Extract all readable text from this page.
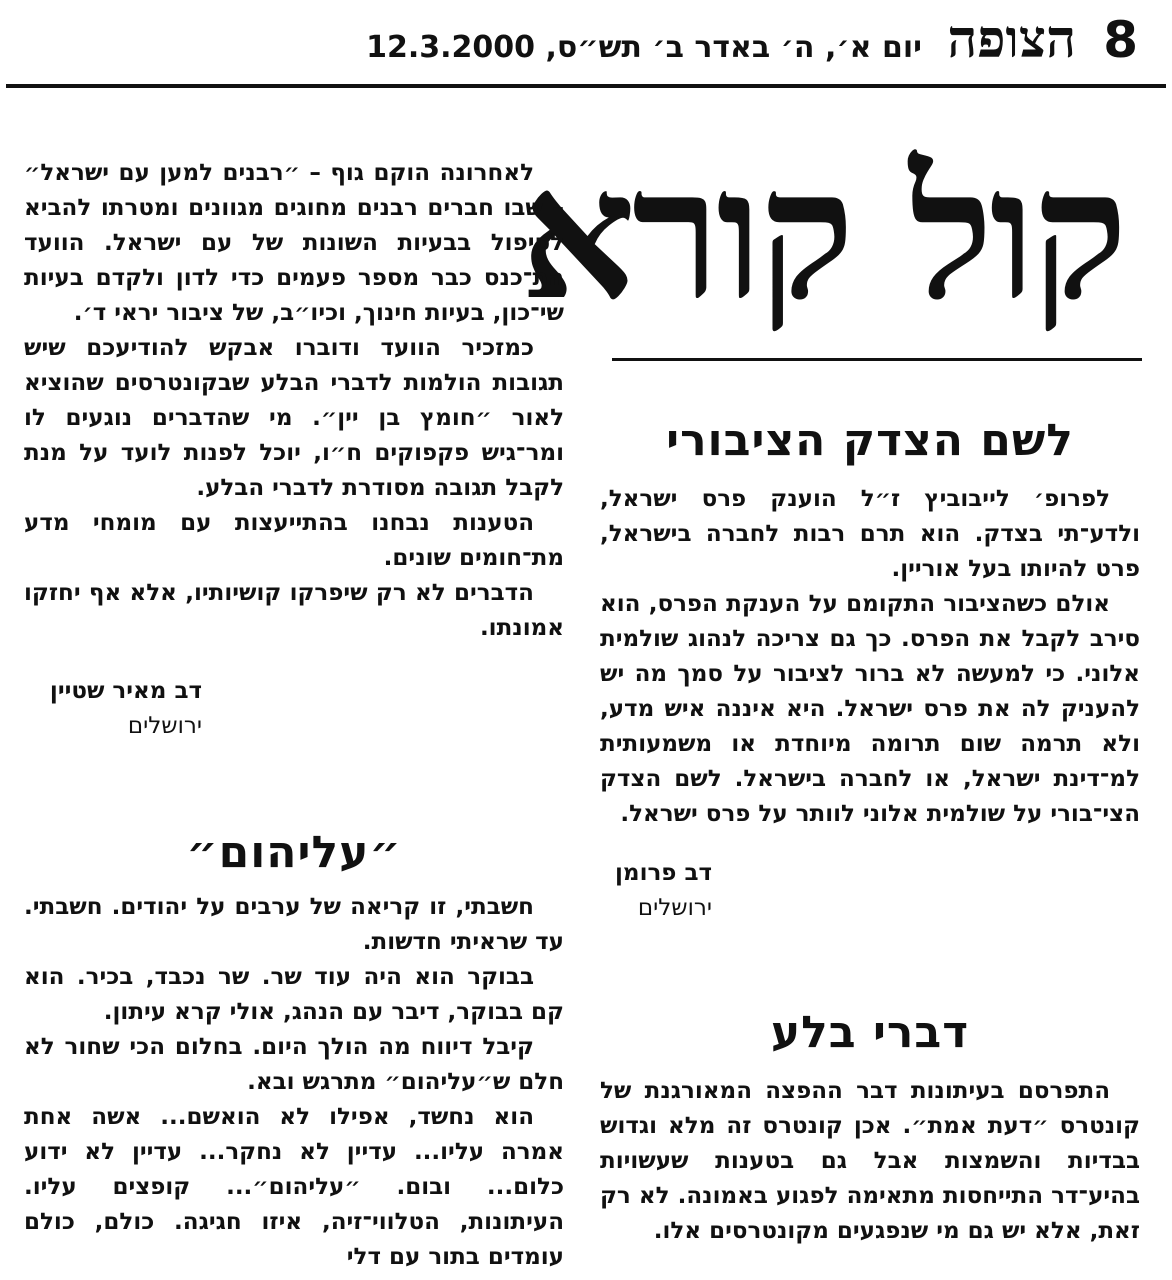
8
הצופה
יום א׳, ה׳ באדר ב׳ תש״ס, 12.3.2000
קול קורא
לשם הצדק הציבורי

לפרופ׳ לייבוביץ ז״ל הוענק פרס ישראל, ולדע־תי בצדק. הוא תרם רבות לחברה בישראל, פרט להיותו בעל אוריין.

אולם כשהציבור התקומם על הענקת הפרס, הוא סירב לקבל את הפרס. כך גם צריכה לנהוג שולמית אלוני. כי למעשה לא ברור לציבור על סמך מה יש להעניק לה את פרס ישראל. היא איננה איש מדע, ולא תרמה שום תרומה מיוחדת או משמעותית למ־דינת ישראל, או לחברה בישראל. לשם הצדק הצי־בורי על שולמית אלוני לוותר על פרס ישראל.

דב פרומן
ירושלים
דברי בלע

התפרסם בעיתונות דבר ההפצה המאורגנת של קונטרס ״דעת אמת״. אכן קונטרס זה מלא וגדוש בבדיות והשמצות אבל גם בטענות שעשויות בהיע־דר התייחסות מתאימה לפגוע באמונה. לא רק זאת, אלא יש גם מי שנפגעים מקונטרסים אלו.

לאחרונה הוקם גוף – ״רבנים למען עם ישראל״ – שבו חברים רבנים מחוגים מגוונים ומטרתו להביא לטיפול בבעיות השונות של עם ישראל. הוועד הת־כנס כבר מספר פעמים כדי לדון ולקדם בעיות שי־כון, בעיות חינוך, וכיו״ב, של ציבור יראי ד׳.

כמזכיר הוועד ודוברו אבקש להודיעכם שיש תגובות הולמות לדברי הבלע שבקונטרסים שהוציא לאור ״חומץ בן יין״. מי שהדברים נוגעים לו ומר־גיש פקפוקים ח״ו, יוכל לפנות לועד על מנת לקבל תגובה מסודרת לדברי הבלע.

הטענות נבחנו בהתייעצות עם מומחי מדע מת־חומים שונים.

הדברים לא רק שיפרקו קושיותיו, אלא אף יחזקו אמונתו.

דב מאיר שטיין
ירושלים
״עליהום״

חשבתי, זו קריאה של ערבים על יהודים. חשבתי. עד שראיתי חדשות.

בבוקר הוא היה עוד שר. שר נכבד, בכיר. הוא קם בבוקר, דיבר עם הנהג, אולי קרא עיתון.

קיבל דיווח מה הולך היום. בחלום הכי שחור לא חלם ש״עליהום״ מתרגש ובא.

הוא נחשד, אפילו לא הואשם... אשה אחת אמרה עליו... עדיין לא נחקר... עדיין לא ידוע כלום... ובום. ״עליהום״... קופצים עליו. העיתונות, הטלווי־זיה, איזו חגיגה. כולם, כולם עומדים בתור עם דלי
